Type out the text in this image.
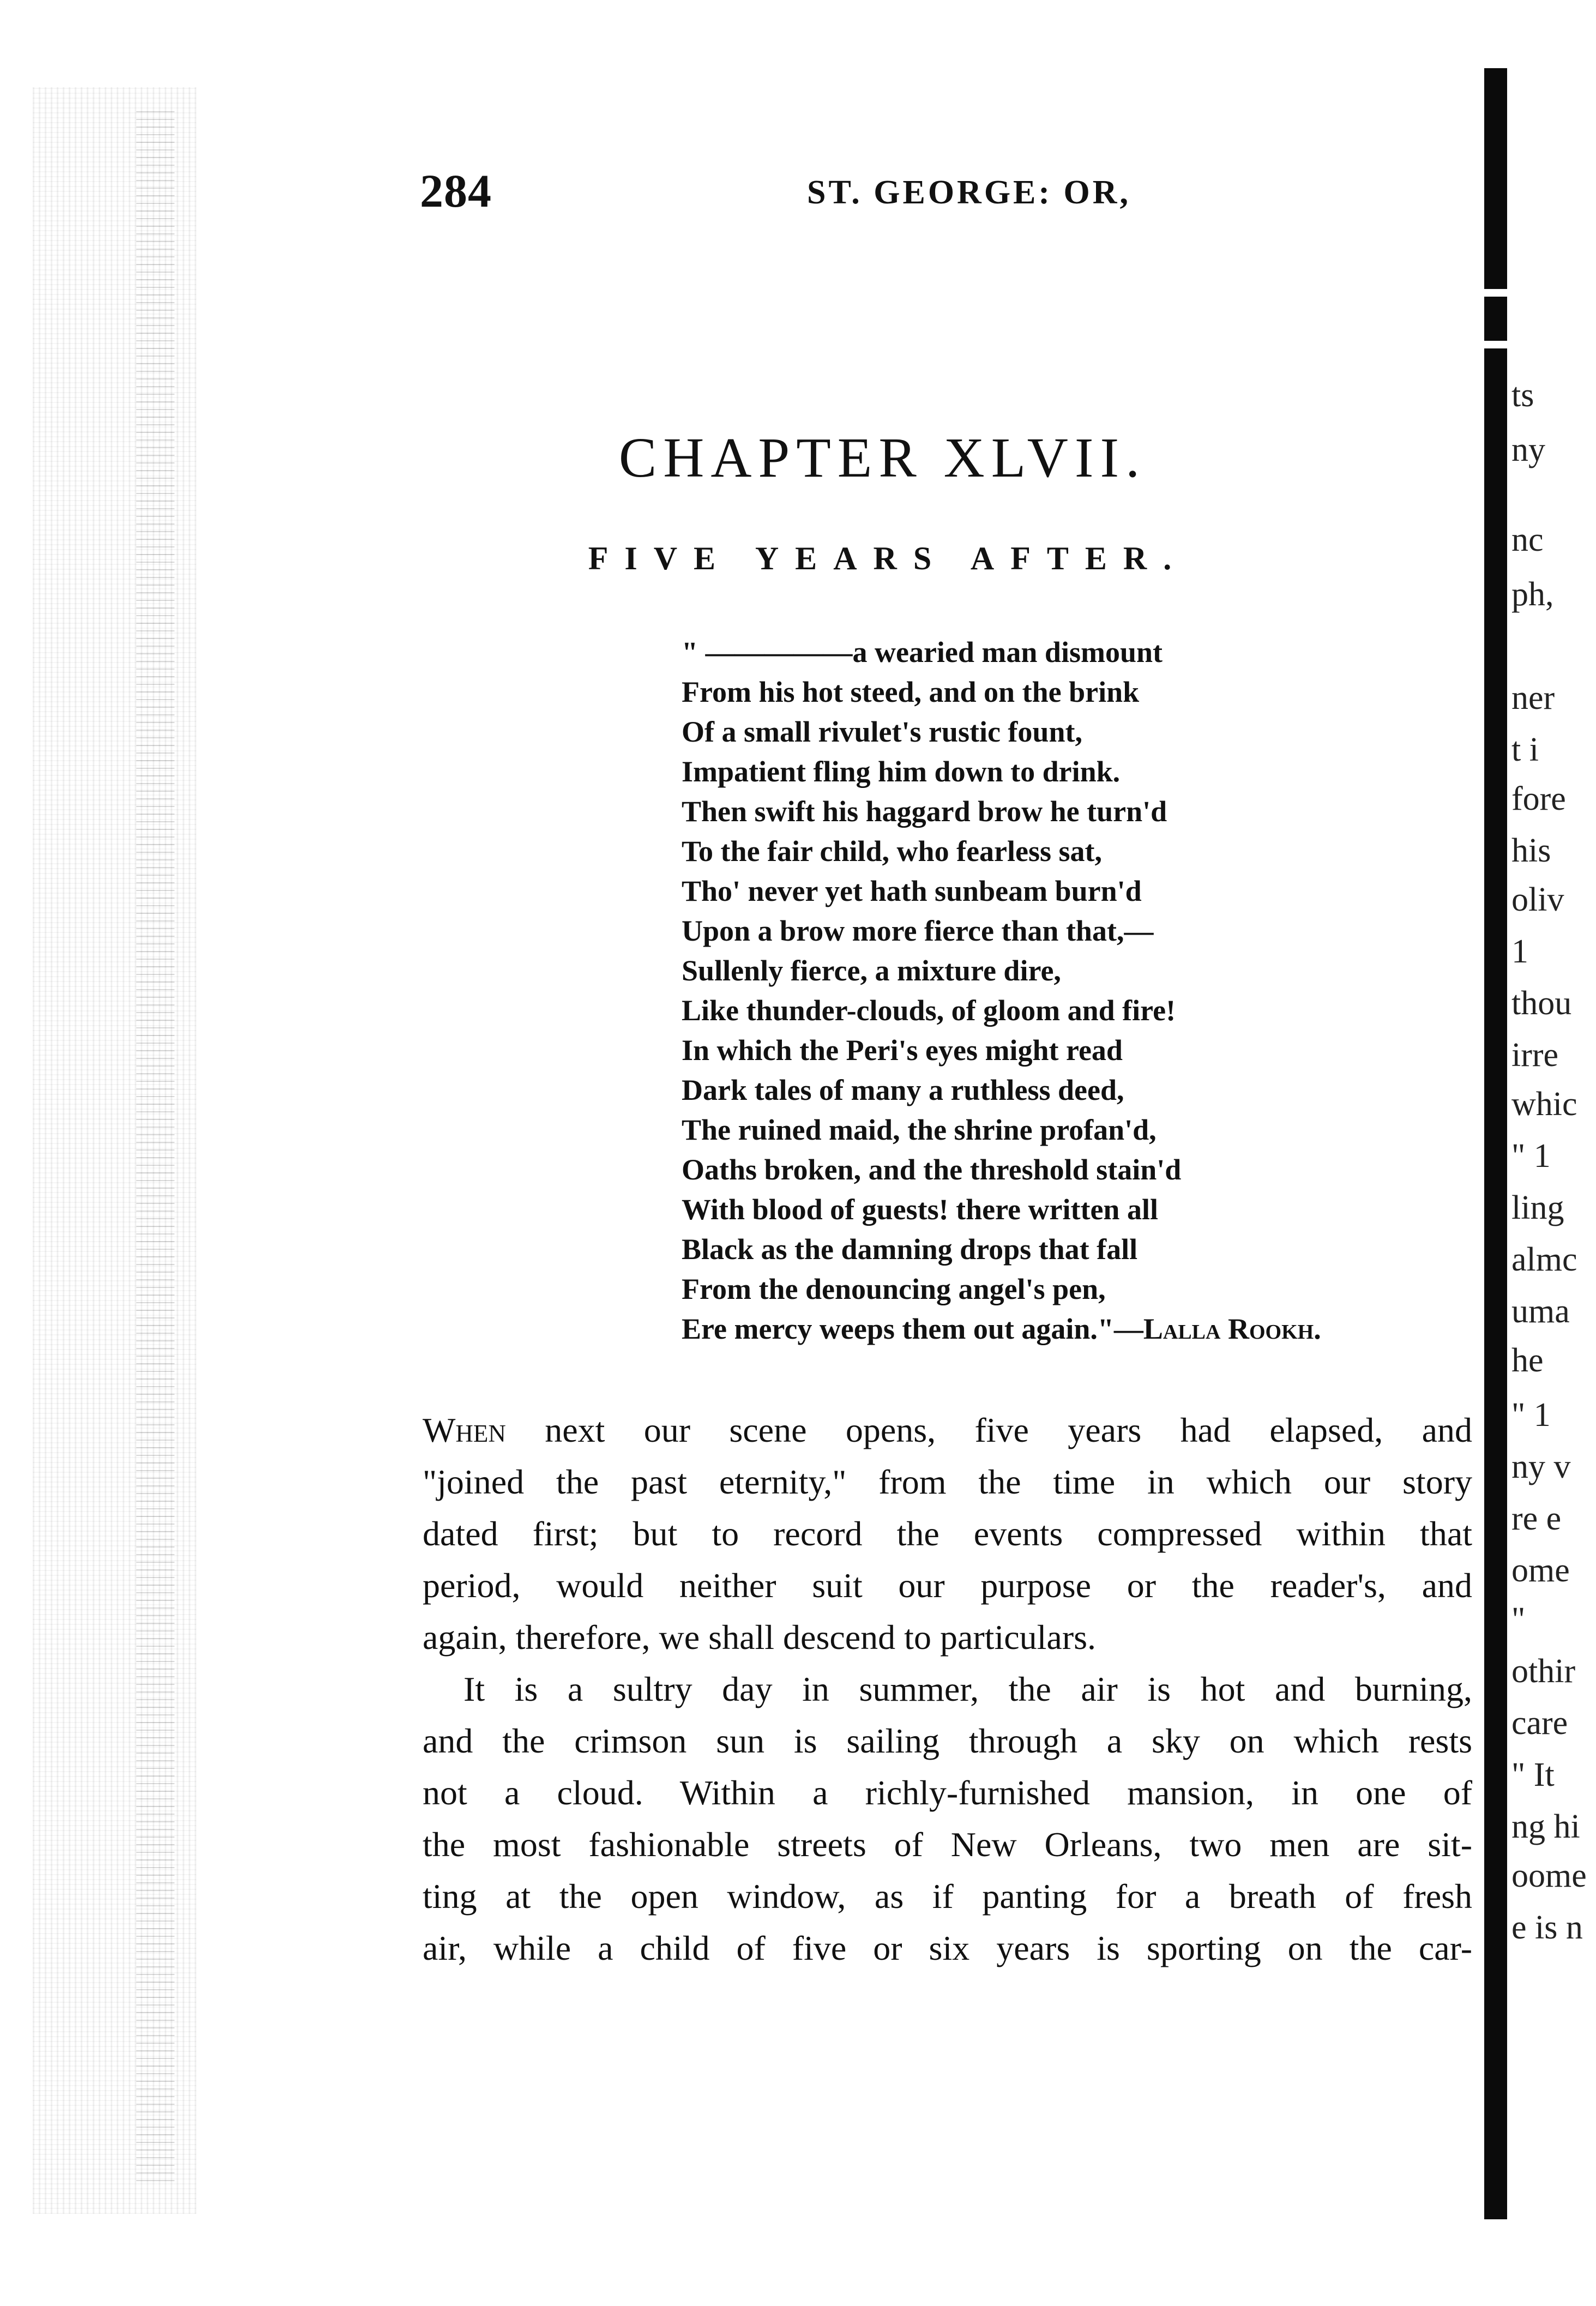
ts
ny
nc
ph,
ner
t i
fore
his
oliv
1
thou
irre
whic
" 1
ling
almc
uma
he
" 1
ny v
re e
ome
"
othir
care
" It
ng hi
oome
e is n
284	ST. GEORGE: OR,
CHAPTER XLVII.
FIVE YEARS AFTER.
" —————a wearied man dismount
From his hot steed, and on the brink
Of a small rivulet's rustic fount,
Impatient fling him down to drink.
Then swift his haggard brow he turn'd
To the fair child, who fearless sat,
Tho' never yet hath sunbeam burn'd
Upon a brow more fierce than that,—
Sullenly fierce, a mixture dire,
Like thunder-clouds, of gloom and fire!
In which the Peri's eyes might read
Dark tales of many a ruthless deed,
The ruined maid, the shrine profan'd,
Oaths broken, and the threshold stain'd
With blood of guests! there written all
Black as the damning drops that fall
From the denouncing angel's pen,
Ere mercy weeps them out again."—Lalla Rookh.
When next our scene opens, five years had elapsed, and
"joined the past eternity," from the time in which our story
dated first; but to record the events compressed within that
period, would neither suit our purpose or the reader's, and
again, therefore, we shall descend to particulars.
It is a sultry day in summer, the air is hot and burning,
and the crimson sun is sailing through a sky on which rests
not a cloud. Within a richly-furnished mansion, in one of
the most fashionable streets of New Orleans, two men are sit-
ting at the open window, as if panting for a breath of fresh
air, while a child of five or six years is sporting on the car-
